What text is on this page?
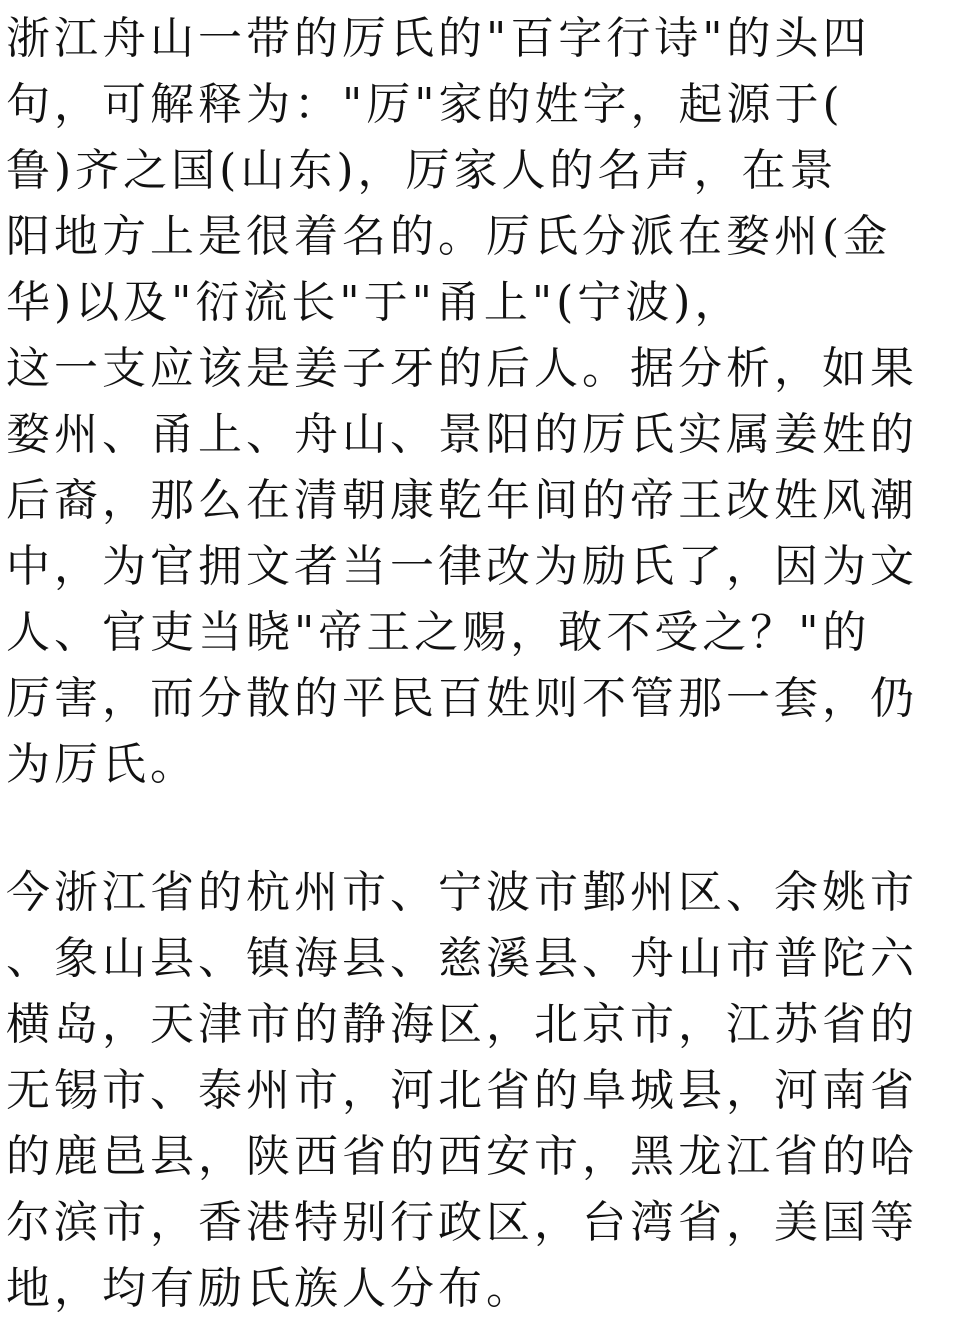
浙江舟山一带的厉氏的"百字行诗"的头四
句，可解释为："厉"家的姓字，起源于(
鲁)齐之国(山东)，厉家人的名声，在景
阳地方上是很着名的。厉氏分派在婺州(金
华)以及"衍流长"于"甬上"(宁波)，
这一支应该是姜子牙的后人。据分析，如果
婺州、甬上、舟山、景阳的厉氏实属姜姓的
后裔，那么在清朝康乾年间的帝王改姓风潮
中，为官拥文者当一律改为励氏了，因为文
人、官吏当晓"帝王之赐，敢不受之？"的
厉害，而分散的平民百姓则不管那一套，仍
为厉氏。
今浙江省的杭州市、宁波市鄞州区、余姚市
、象山县、镇海县、慈溪县、舟山市普陀六
横岛，天津市的静海区，北京市，江苏省的
无锡市、泰州市，河北省的阜城县，河南省
的鹿邑县，陕西省的西安市，黑龙江省的哈
尔滨市，香港特别行政区，台湾省，美国等
地，均有励氏族人分布。
